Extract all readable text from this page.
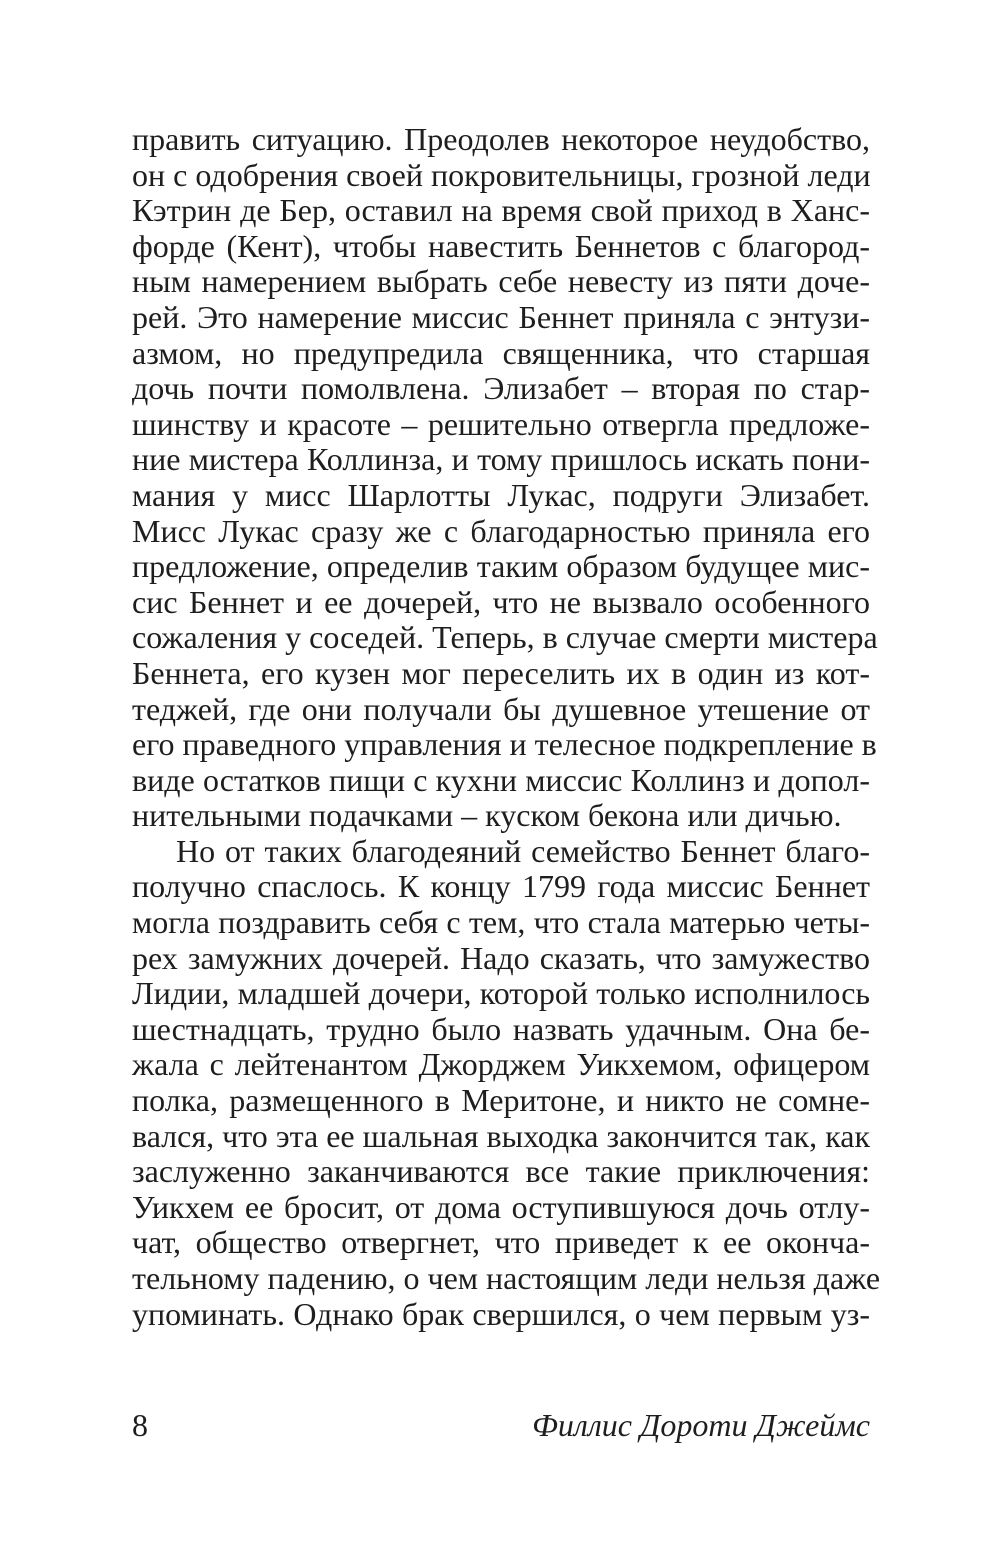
править ситуацию. Преодолев некоторое неудобство,
он с одобрения своей покровительницы, грозной леди
Кэтрин де Бер, оставил на время свой приход в Ханс-
форде (Кент), чтобы навестить Беннетов с благород-
ным намерением выбрать себе невесту из пяти доче-
рей. Это намерение миссис Беннет приняла с энтузи-
азмом, но предупредила священника, что старшая
дочь почти помолвлена. Элизабет – вторая по стар-
шинству и красоте – решительно отвергла предложе-
ние мистера Коллинза, и тому пришлось искать пони-
мания у мисс Шарлотты Лукас, подруги Элизабет.
Мисс Лукас сразу же с благодарностью приняла его
предложение, определив таким образом будущее мис-
сис Беннет и ее дочерей, что не вызвало особенного
сожаления у соседей. Теперь, в случае смерти мистера
Беннета, его кузен мог переселить их в один из кот-
теджей, где они получали бы душевное утешение от
его праведного управления и телесное подкрепление в
виде остатков пищи с кухни миссис Коллинз и допол-
нительными подачками – куском бекона или дичью.
Но от таких благодеяний семейство Беннет благо-
получно спаслось. К концу 1799 года миссис Беннет
могла поздравить себя с тем, что стала матерью четы-
рех замужних дочерей. Надо сказать, что замужество
Лидии, младшей дочери, которой только исполнилось
шестнадцать, трудно было назвать удачным. Она бе-
жала с лейтенантом Джорджем Уикхемом, офицером
полка, размещенного в Меритоне, и никто не сомне-
вался, что эта ее шальная выходка закончится так, как
заслуженно заканчиваются все такие приключения:
Уикхем ее бросит, от дома оступившуюся дочь отлу-
чат, общество отвергнет, что приведет к ее оконча-
тельному падению, о чем настоящим леди нельзя даже
упоминать. Однако брак свершился, о чем первым уз-
8	Филлис Дороти Джеймс
